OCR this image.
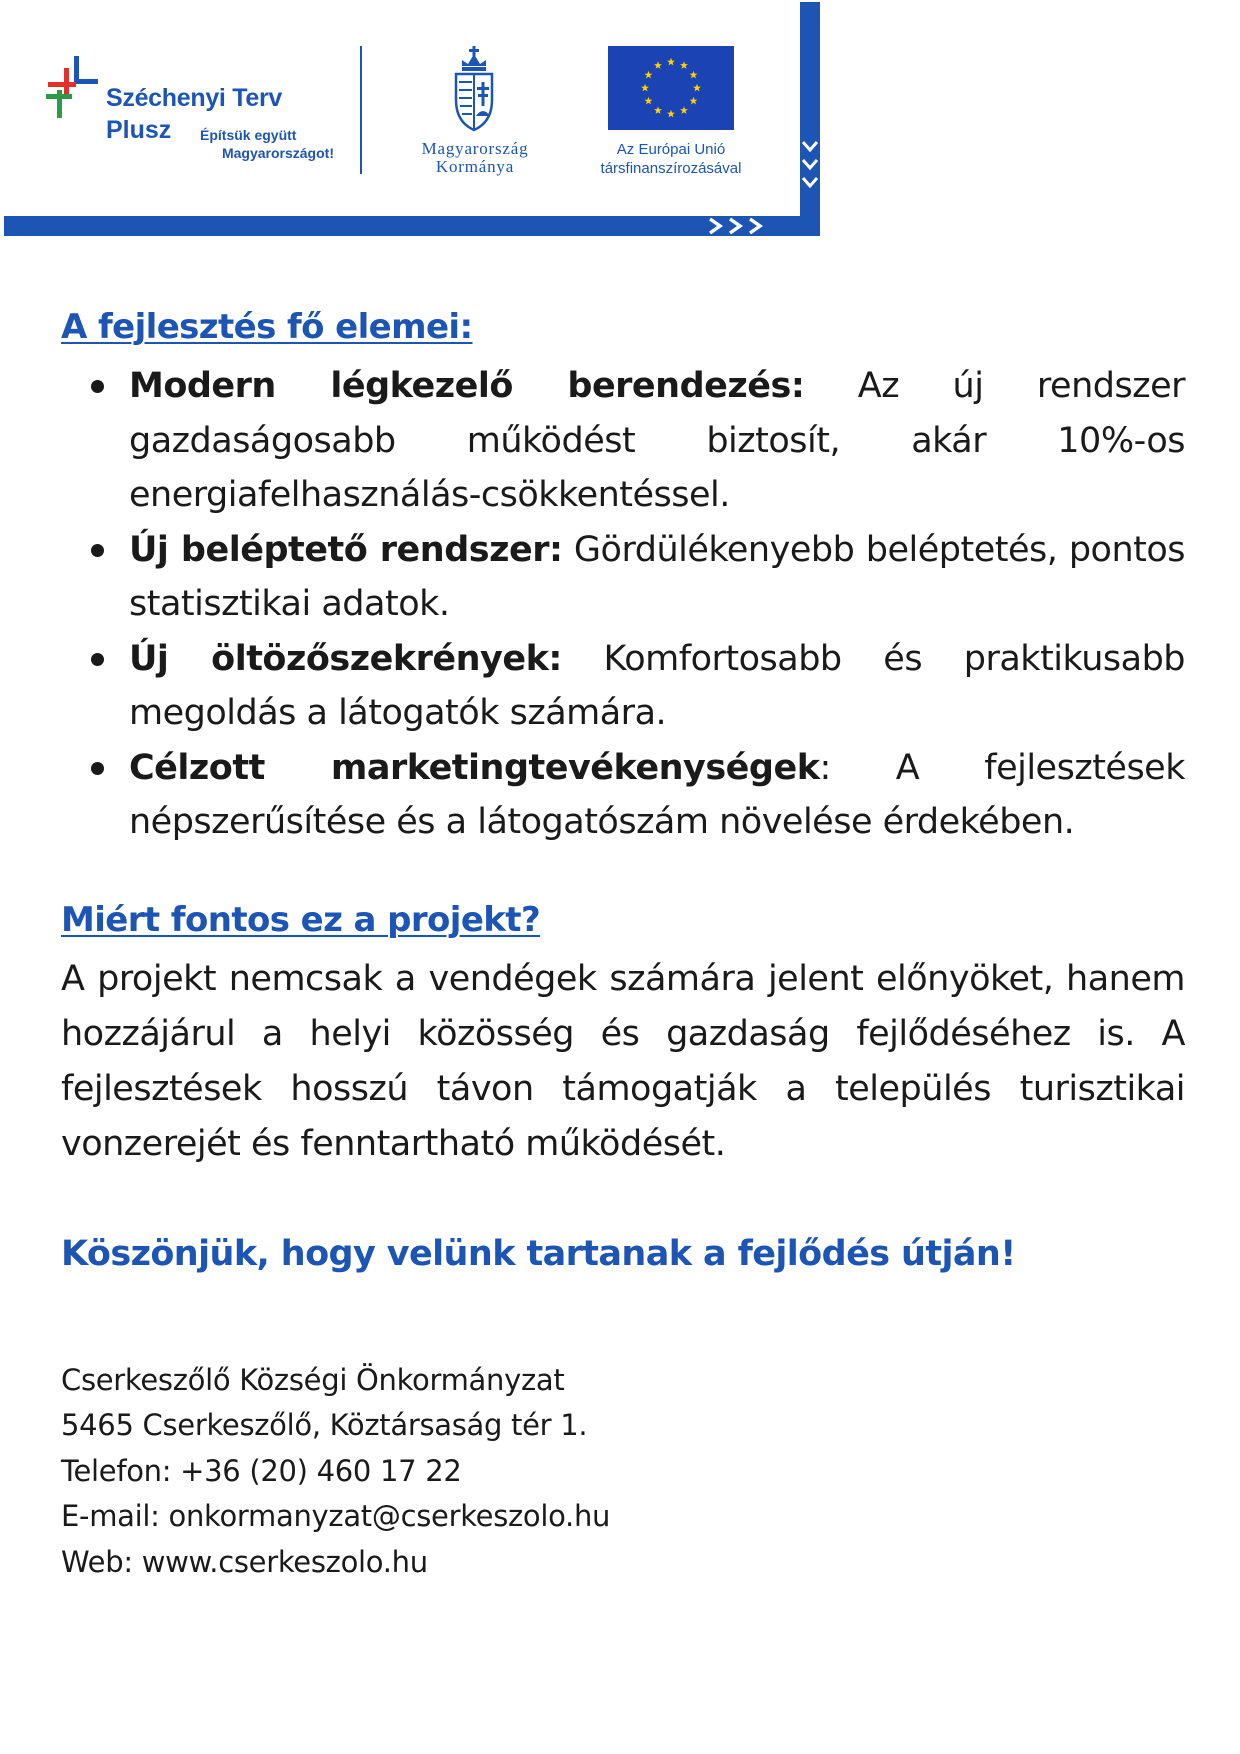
Széchenyi Terv
Plusz	Építsük együtt
Magyarországot!	Magyarország
Kormánya
Az Európai Unió
társfinanszírozásával
A fejlesztés fő elemei:
Modern légkezelő berendezés: Az új rendszer gazdaságosabb működést biztosít, akár 10%-os energiafelhasználás-csökkentéssel.
Új beléptető rendszer: Gördülékenyebb beléptetés, pontos statisztikai adatok.
Új öltözőszekrények: Komfortosabb és praktikusabb megoldás a látogatók számára.
Célzott marketingtevékenységek: A fejlesztések népszerűsítése és a látogatószám növelése érdekében.
Miért fontos ez a projekt?

A projekt nemcsak a vendégek számára jelent előnyöket, hanem hozzájárul a helyi közösség és gazdaság fejlődéséhez is. A fejlesztések hosszú távon támogatják a település turisztikai vonzerejét és fenntartható működését.

Köszönjük, hogy velünk tartanak a fejlődés útján!
Cserkeszőlő Községi Önkormányzat
5465 Cserkeszőlő, Köztársaság tér 1.
Telefon: +36 (20) 460 17 22
E-mail: onkormanyzat@cserkeszolo.hu
Web: www.cserkeszolo.hu
